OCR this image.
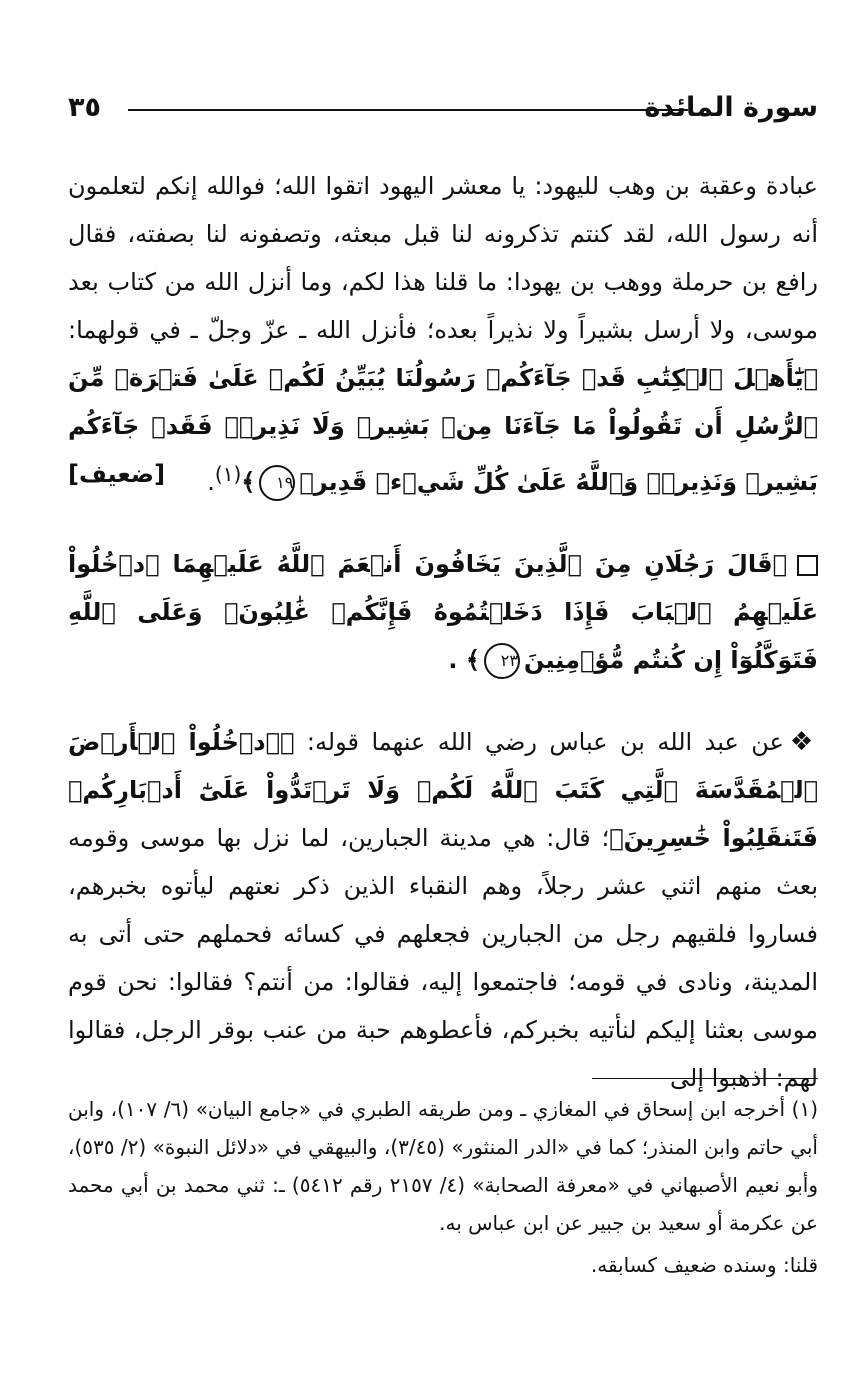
٣٥	سورة المائدة

عبادة وعقبة بن وهب لليهود: يا معشر اليهود اتقوا الله؛ فوالله إنكم لتعلمون أنه رسول الله، لقد كنتم تذكرونه لنا قبل مبعثه، وتصفونه لنا بصفته، فقال رافع بن حرملة ووهب بن يهودا: ما قلنا هذا لكم، وما أنزل الله من كتاب بعد موسى، ولا أرسل بشيراً ولا نذيراً بعده؛ فأنزل الله ـ عزّ وجلّ ـ في قولهما: ﴿يَٰٓأَهۡلَ ٱلۡكِتَٰبِ قَدۡ جَآءَكُمۡ رَسُولُنَا يُبَيِّنُ لَكُمۡ عَلَىٰ فَتۡرَةٖ مِّنَ ٱلرُّسُلِ أَن تَقُولُواْ مَا جَآءَنَا مِنۢ بَشِيرٖ وَلَا نَذِيرٖۖ فَقَدۡ جَآءَكُم بَشِيرٞ وَنَذِيرٞۗ وَٱللَّهُ عَلَىٰ كُلِّ شَيۡءٖ قَدِيرٞ١٩﴾$^{(١)}$.
[ضعيف]

﴿قَالَ رَجُلَانِ مِنَ ٱلَّذِينَ يَخَافُونَ أَنۡعَمَ ٱللَّهُ عَلَيۡهِمَا ٱدۡخُلُواْ عَلَيۡهِمُ ٱلۡبَابَ فَإِذَا دَخَلۡتُمُوهُ فَإِنَّكُمۡ غَٰلِبُونَۚ وَعَلَى ٱللَّهِ فَتَوَكَّلُوٓاْ إِن كُنتُم مُّؤۡمِنِينَ٢٣﴾ .

❖عن عبد الله بن عباس رضي الله عنهما قوله: ﴿ٱدۡخُلُواْ ٱلۡأَرۡضَ ٱلۡمُقَدَّسَةَ ٱلَّتِي كَتَبَ ٱللَّهُ لَكُمۡ وَلَا تَرۡتَدُّواْ عَلَىٰٓ أَدۡبَارِكُمۡ فَتَنقَلِبُواْ خَٰسِرِينَ﴾؛ قال: هي مدينة الجبارين، لما نزل بها موسى وقومه بعث منهم اثني عشر رجلاً، وهم النقباء الذين ذكر نعتهم ليأتوه بخبرهم، فساروا فلقيهم رجل من الجبارين فجعلهم في كسائه فحملهم حتى أتى به المدينة، ونادى في قومه؛ فاجتمعوا إليه، فقالوا: من أنتم؟ فقالوا: نحن قوم موسى بعثنا إليكم لنأتيه بخبركم، فأعطوهم حبة من عنب بوقر الرجل، فقالوا لهم: اذهبوا إلى

(١) أخرجه ابن إسحاق في المغازي ـ ومن طريقه الطبري في «جامع البيان» (٦/ ١٠٧)، وابن أبي حاتم وابن المنذر؛ كما في «الدر المنثور» (٣/٤٥)، والبيهقي في «دلائل النبوة» (٢/ ٥٣٥)، وأبو نعيم الأصبهاني في «معرفة الصحابة» (٤/ ٢١٥٧ رقم ٥٤١٢) ـ: ثني محمد بن أبي محمد عن عكرمة أو سعيد بن جبير عن ابن عباس به.

قلنا: وسنده ضعيف كسابقه.
